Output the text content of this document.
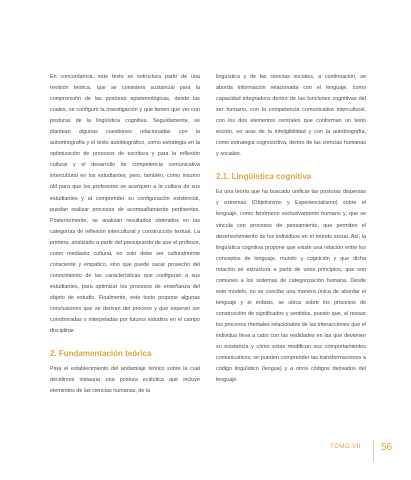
En concordancia, este texto se estructura partir de una revisión teórica, que se considera sustancial para la comprensión de las posturas epistemológicas, desde las cuales, se configuró la investigación y que tienen que ver con posturas de la lingüística cognitiva. Seguidamente, se plantean algunas cuestiones relacionadas con la autoetnografía y el texto autobiográfico, como estrategia en la optimización de procesos de escritura y para la reflexión cultural y el desarrollo de competencia comunicativa intercultural en los estudiantes, pero, también, como insumo útil para que los profesores se acerquen a la cultura de sus estudiantes y al comprender su configuración existencial, puedan realizar procesos de acompañamiento pertinentes. Posteriormente, se analizan resultados obtenidos en las categorías de reflexión intercultural y construcción textual. La primera, analizado a partir del presupuesto de que el profesor, como mediador cultural, no solo debe ser culturalmente consciente y empático, sino que puede sacar provecho del conocimiento de las características que configuran a sus estudiantes, para optimizar los procesos de enseñanza del objeto de estudio. Finalmente, este texto propone algunas conclusiones que se derivan del proceso y que esperan ser corroboradas o interpeladas por futuros estudios en el campo disciplinar.

2. Fundamentación teórica

Para el establecimiento del andamiaje teórico sobre la cual decidimos instaurar una postura ecléctica que incluye elementos de las ciencias humanas, de la

lingüística y de las ciencias sociales, a continuación, se aborda información relacionada con el lenguaje, como capacidad integradora dentro de las funciones cognitivas del ser humano, con la competencia comunicativa intercultural, con los dos elementos centrales que conforman un texto escrito, en aras de la inteligibilidad y con la autobiografía, como estrategia cognoscitiva, dentro de las ciencias humanas y sociales.

2.1. Lingüística cognitiva

Es una teoría que ha buscado unificar las posturas dispersas y extremas (Objetivismo y Experiencialismo) sobre el lenguaje, como fenómeno exclusivamente humano y, que se vincula con procesos de pensamiento, que permiten el desenvolvimiento de los individuos en el mundo social. Así, la lingüística cognitiva propone que existe una relación entre los conceptos de lenguaje, mundo y cognición y que dicha relación se estructura a partir de unos principios, que son comunes a los sistemas de categorización humana. Desde este modelo, no se concibe una manera única de abordar el lenguaje y el énfasis, se ubica sobre los procesos de construcción de significados y sentidos, puesto que, al revisar los procesos mentales relacionales de las interacciones que el individuo lleva a cabo con las realidades en las que devienen su existencia y cómo estas modifican sus comportamientos comunicativos, se pueden comprender las transformaciones a código lingüístico (lengua) y a otros códigos derivados del lenguaje.

TOMO VII 56
